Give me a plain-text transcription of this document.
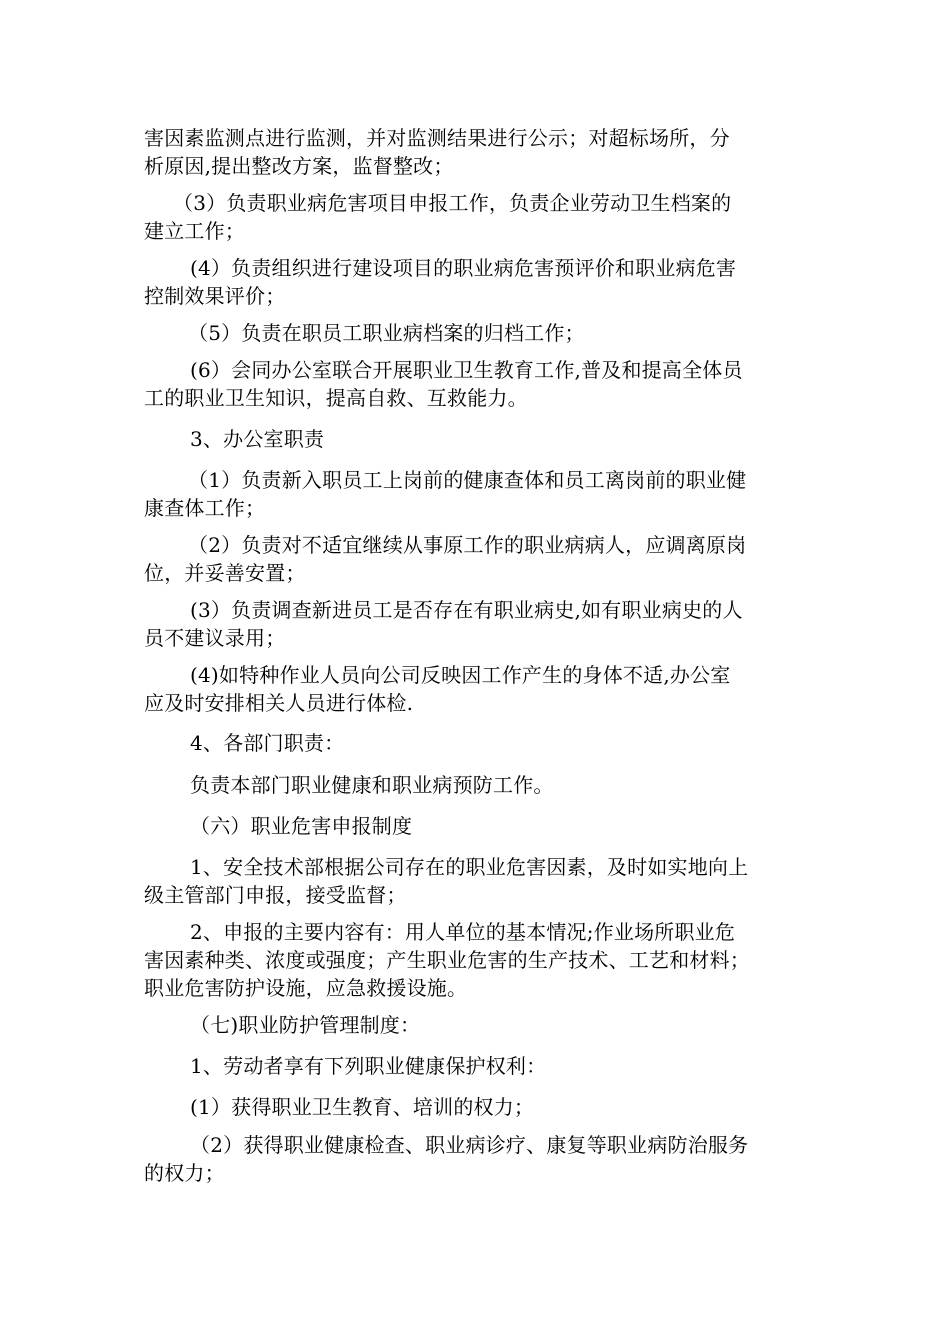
害因素监测点进行监测，并对监测结果进行公示；对超标场所，分
析原因,提出整改方案，监督整改；
（3）负责职业病危害项目申报工作，负责企业劳动卫生档案的
建立工作；
(4）负责组织进行建设项目的职业病危害预评价和职业病危害
控制效果评价；
（5）负责在职员工职业病档案的归档工作；
(6）会同办公室联合开展职业卫生教育工作,普及和提高全体员
工的职业卫生知识，提高自救、互救能力。
3、办公室职责
（1）负责新入职员工上岗前的健康查体和员工离岗前的职业健
康查体工作；
（2）负责对不适宜继续从事原工作的职业病病人，应调离原岗
位，并妥善安置；
(3）负责调查新进员工是否存在有职业病史,如有职业病史的人
员不建议录用；
(4)如特种作业人员向公司反映因工作产生的身体不适,办公室
应及时安排相关人员进行体检.
4、各部门职责：
负责本部门职业健康和职业病预防工作。
（六）职业危害申报制度
1、安全技术部根据公司存在的职业危害因素，及时如实地向上
级主管部门申报，接受监督；
2、申报的主要内容有：用人单位的基本情况;作业场所职业危
害因素种类、浓度或强度；产生职业危害的生产技术、工艺和材料；
职业危害防护设施，应急救援设施。
（七)职业防护管理制度：
1、劳动者享有下列职业健康保护权利：
(1）获得职业卫生教育、培训的权力；
（2）获得职业健康检查、职业病诊疗、康复等职业病防治服务
的权力；
